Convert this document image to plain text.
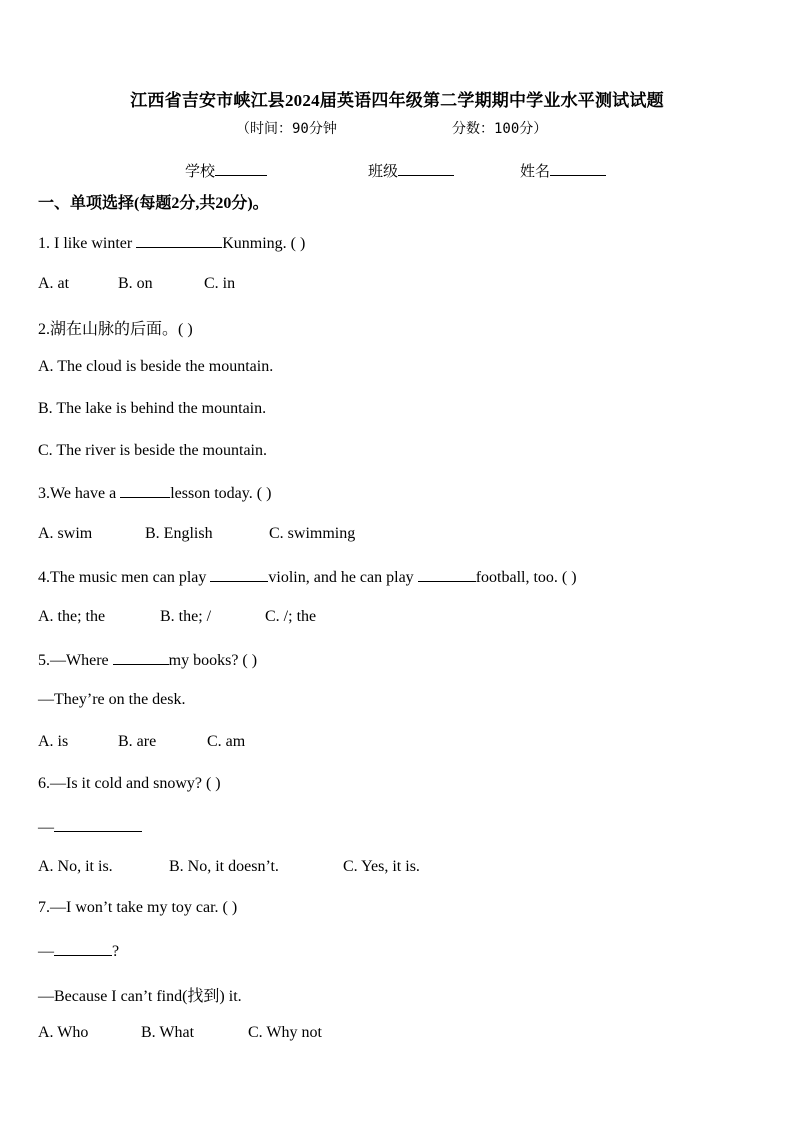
江西省吉安市峡江县2024届英语四年级第二学期期中学业水平测试试题
（时间：90分钟	分数：100分）
学校	班级	姓名
一、单项选择(每题2分,共20分)。
1. I like winter	Kunming. ( )
A. at	B. on	C. in
2.湖在山脉的后面。( )
A. The cloud is beside the mountain.
B. The lake is behind the mountain.
C. The river is beside the mountain.
3.We have a	lesson today. ( )
A. swim	B. English	C. swimming
4.The music men can play	violin, and he can play	football, too. ( )
A. the; the	B. the; /	C. /; the
5.—Where	my books? ( )
—They’re on the desk.
A. is	B. are	C. am
6.—Is it cold and snowy? ( )
—
A. No, it is.	B. No, it doesn’t.	C. Yes, it is.
7.—I won’t take my toy car. ( )
—	?
—Because I can’t find(找到) it.
A. Who	B. What	C. Why not
